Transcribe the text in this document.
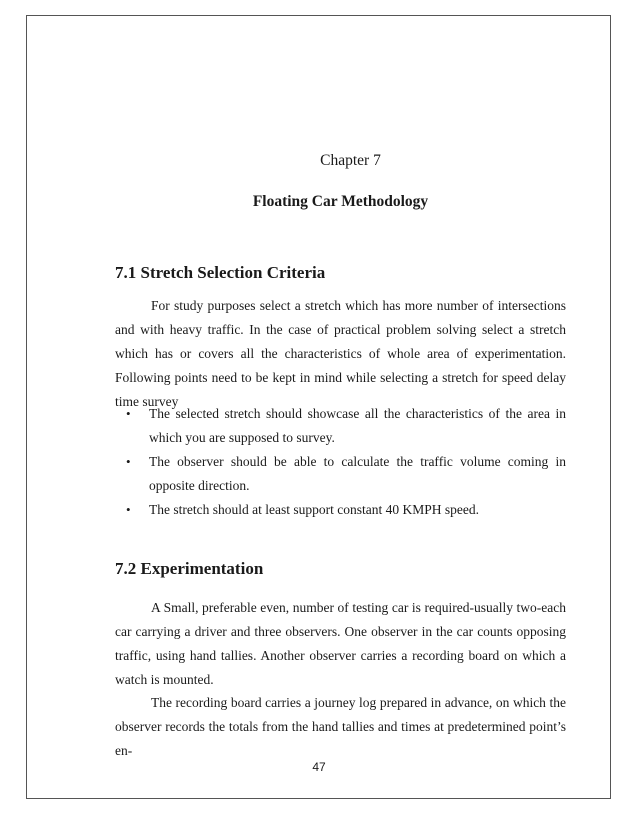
Chapter 7
Floating Car Methodology
7.1 Stretch Selection Criteria

For study purposes select a stretch which has more number of intersections and with heavy traffic. In the case of practical problem solving select a stretch which has or covers all the characteristics of whole area of experimentation. Following points need to be kept in mind while selecting a stretch for speed delay time survey

• The selected stretch should showcase all the characteristics of the area in which you are supposed to survey.
• The observer should be able to calculate the traffic volume coming in opposite direction.
• The stretch should at least support constant 40 KMPH speed.
7.2 Experimentation

A Small, preferable even, number of testing car is required-usually two-each car carrying a driver and three observers. One observer in the car counts opposing traffic, using hand tallies. Another observer carries a recording board on which a watch is mounted.

The recording board carries a journey log prepared in advance, on which the observer records the totals from the hand tallies and times at predetermined point’s en-

47
